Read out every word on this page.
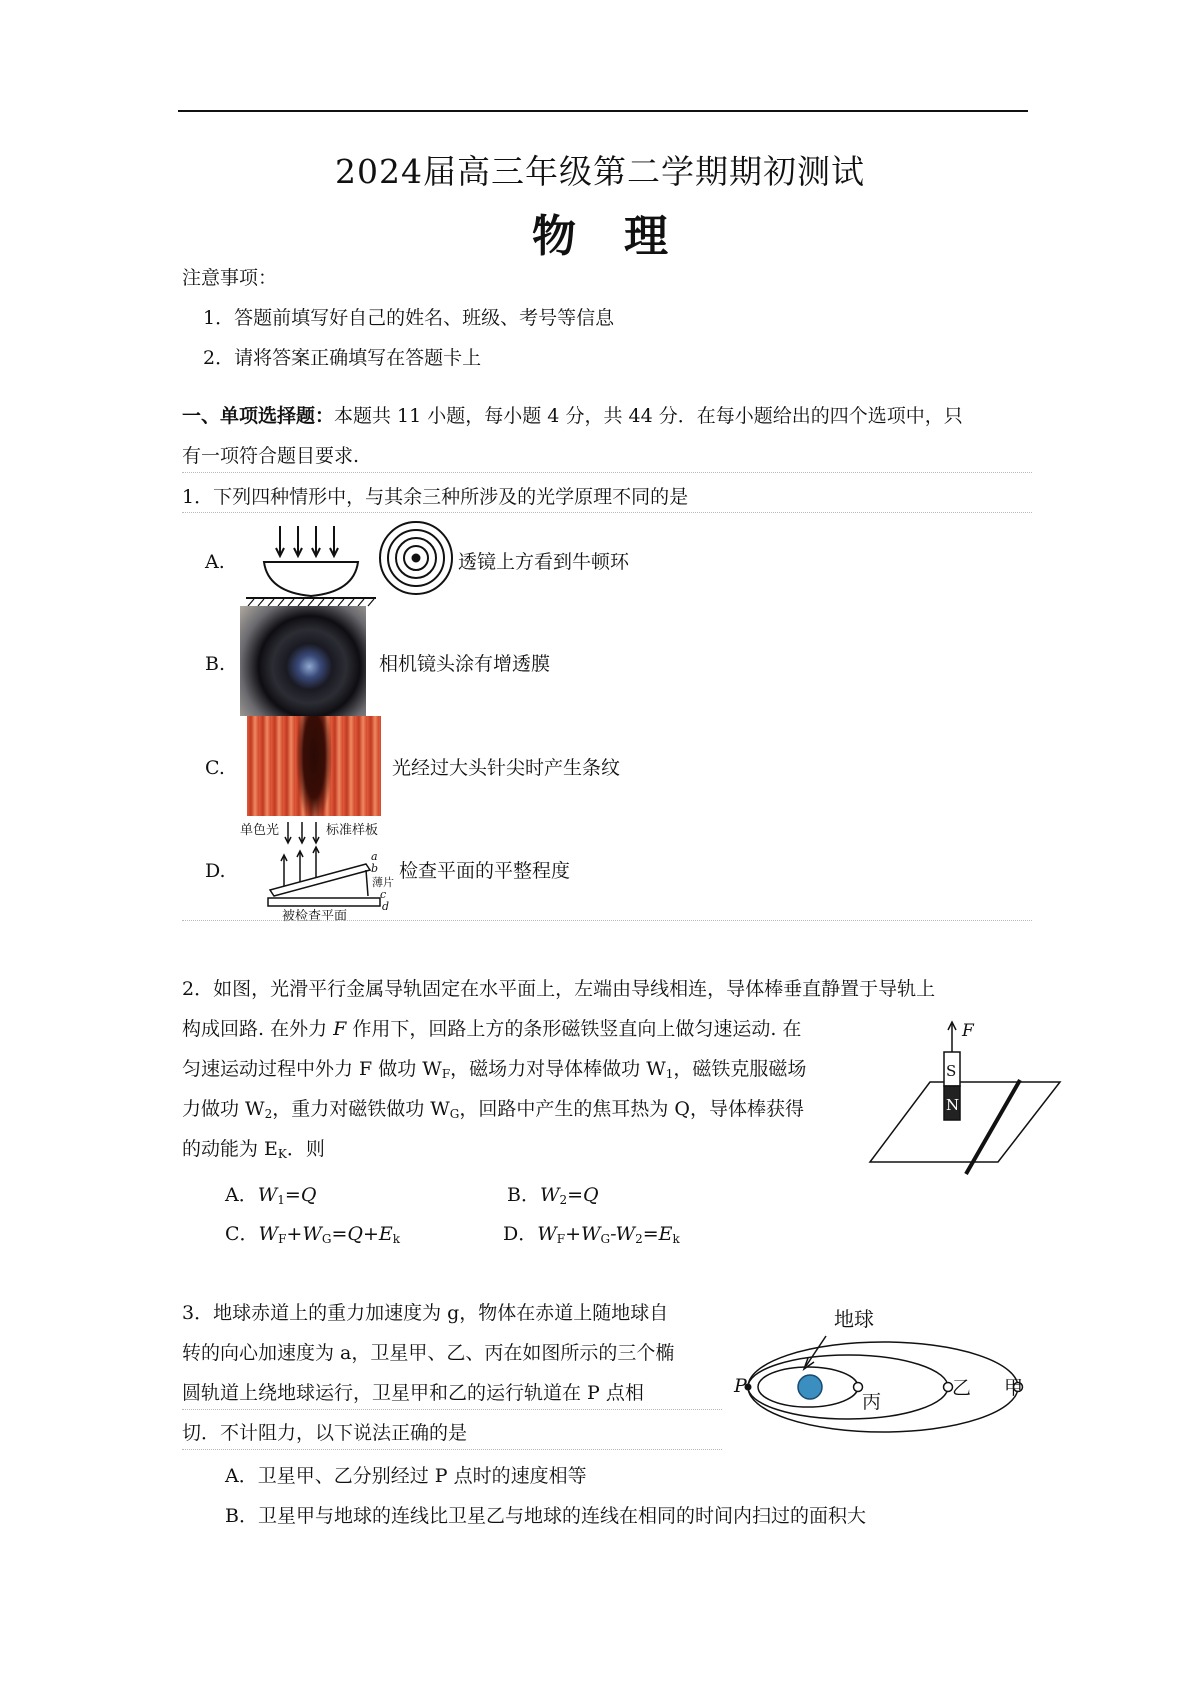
2024届高三年级第二学期期初测试
物理
注意事项：
1．答题前填写好自己的姓名、班级、考号等信息
2．请将答案正确填写在答题卡上
一、单项选择题：本题共 11 小题，每小题 4 分，共 44 分．在每小题给出的四个选项中，只
有一项符合题目要求.
1．下列四种情形中，与其余三种所涉及的光学原理不同的是
A.	透镜上方看到牛顿环
B.	相机镜头涂有增透膜
C.	光经过大头针尖时产生条纹
D.
单色光	标准样板
a
b
薄片
c
d
被检查平面
检查平面的平整程度
2．如图，光滑平行金属导轨固定在水平面上，左端由导线相连，导体棒垂直静置于导轨上
构成回路. 在外力 F 作用下，回路上方的条形磁铁竖直向上做匀速运动. 在
匀速运动过程中外力 F 做功 $W_F$，磁场力对导体棒做功 $W_1$，磁铁克服磁场
力做功 $W_2$，重力对磁铁做功 $W_G$，回路中产生的焦耳热为 Q，导体棒获得
的动能为 $E_K$．则
F
S
N
A．$W_1=Q$	B．$W_2=Q$
C．$W_F+W_G=Q+E_k$	D．$W_F+W_G-W_2=E_k$
3．地球赤道上的重力加速度为 g，物体在赤道上随地球自
转的向心加速度为 a，卫星甲、乙、丙在如图所示的三个椭
圆轨道上绕地球运行，卫星甲和乙的运行轨道在 P 点相
切．不计阻力，以下说法正确的是
地球
P
丙
乙 甲
A．卫星甲、乙分别经过 P 点时的速度相等
B．卫星甲与地球的连线比卫星乙与地球的连线在相同的时间内扫过的面积大
